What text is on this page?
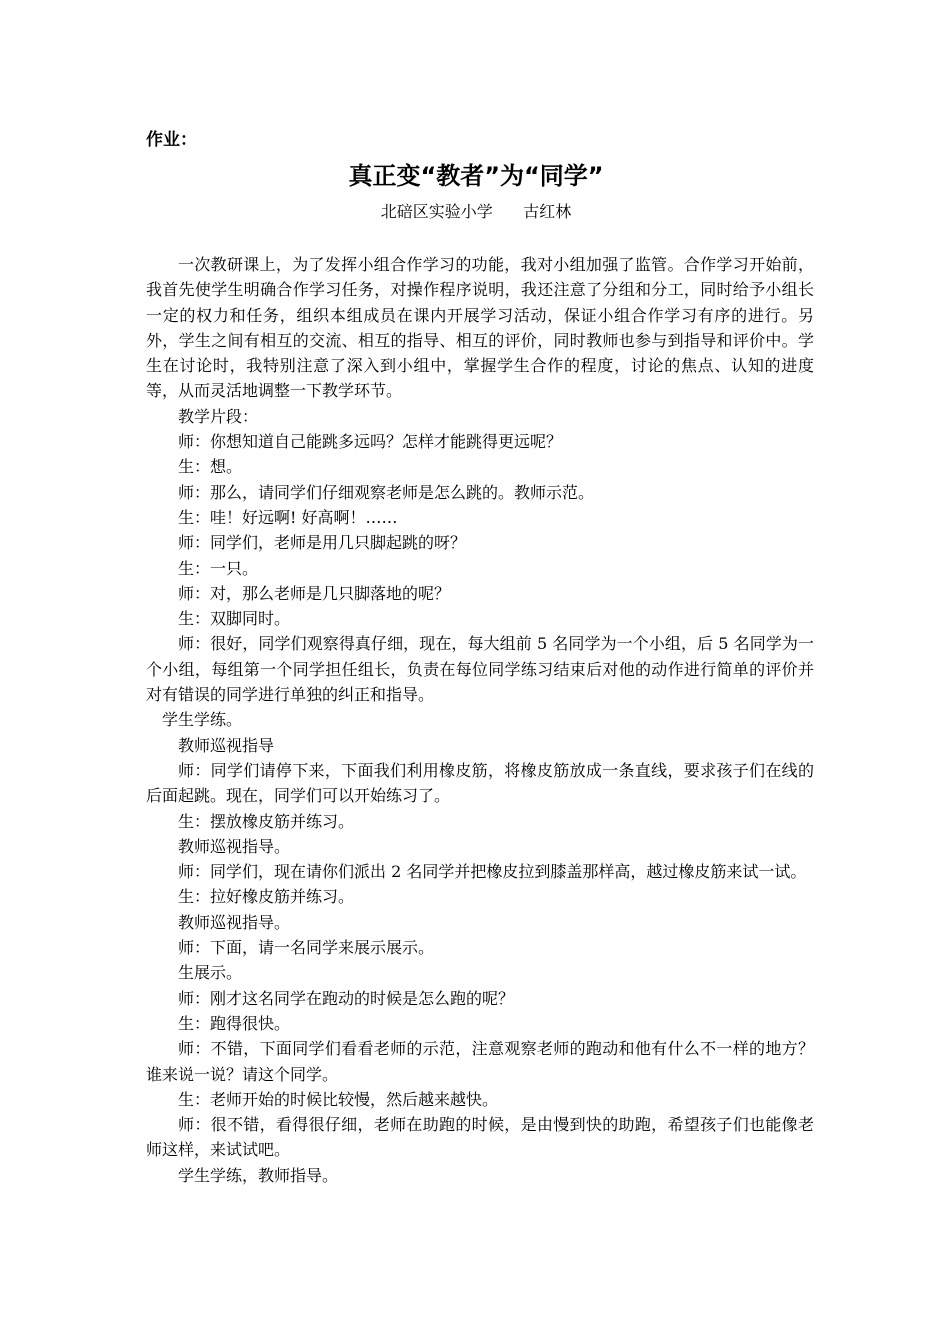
作业：
真正变“教者”为“同学”
北碚区实验小学      古红林

一次教研课上，为了发挥小组合作学习的功能，我对小组加强了监管。合作学习开始前，我首先使学生明确合作学习任务，对操作程序说明，我还注意了分组和分工，同时给予小组长一定的权力和任务，组织本组成员在课内开展学习活动，保证小组合作学习有序的进行。另外，学生之间有相互的交流、相互的指导、相互的评价，同时教师也参与到指导和评价中。学生在讨论时，我特别注意了深入到小组中，掌握学生合作的程度，讨论的焦点、认知的进度等，从而灵活地调整一下教学环节。

教学片段：

师：你想知道自己能跳多远吗？怎样才能跳得更远呢？

生：想。

师：那么，请同学们仔细观察老师是怎么跳的。教师示范。

生：哇！好远啊! 好高啊！……

师：同学们，老师是用几只脚起跳的呀？

生：一只。

师：对，那么老师是几只脚落地的呢？

生：双脚同时。

师：很好，同学们观察得真仔细，现在，每大组前 5 名同学为一个小组，后 5 名同学为一个小组，每组第一个同学担任组长，负责在每位同学练习结束后对他的动作进行简单的评价并对有错误的同学进行单独的纠正和指导。

学生学练。

教师巡视指导

师：同学们请停下来，下面我们利用橡皮筋，将橡皮筋放成一条直线，要求孩子们在线的后面起跳。现在，同学们可以开始练习了。

生：摆放橡皮筋并练习。

教师巡视指导。

师：同学们，现在请你们派出 2 名同学并把橡皮拉到膝盖那样高，越过橡皮筋来试一试。

生：拉好橡皮筋并练习。

教师巡视指导。

师：下面，请一名同学来展示展示。

生展示。

师：刚才这名同学在跑动的时候是怎么跑的呢？

生：跑得很快。

师：不错，下面同学们看看老师的示范，注意观察老师的跑动和他有什么不一样的地方？谁来说一说？请这个同学。

生：老师开始的时候比较慢，然后越来越快。

师：很不错，看得很仔细，老师在助跑的时候，是由慢到快的助跑，希望孩子们也能像老师这样，来试试吧。

学生学练，教师指导。
